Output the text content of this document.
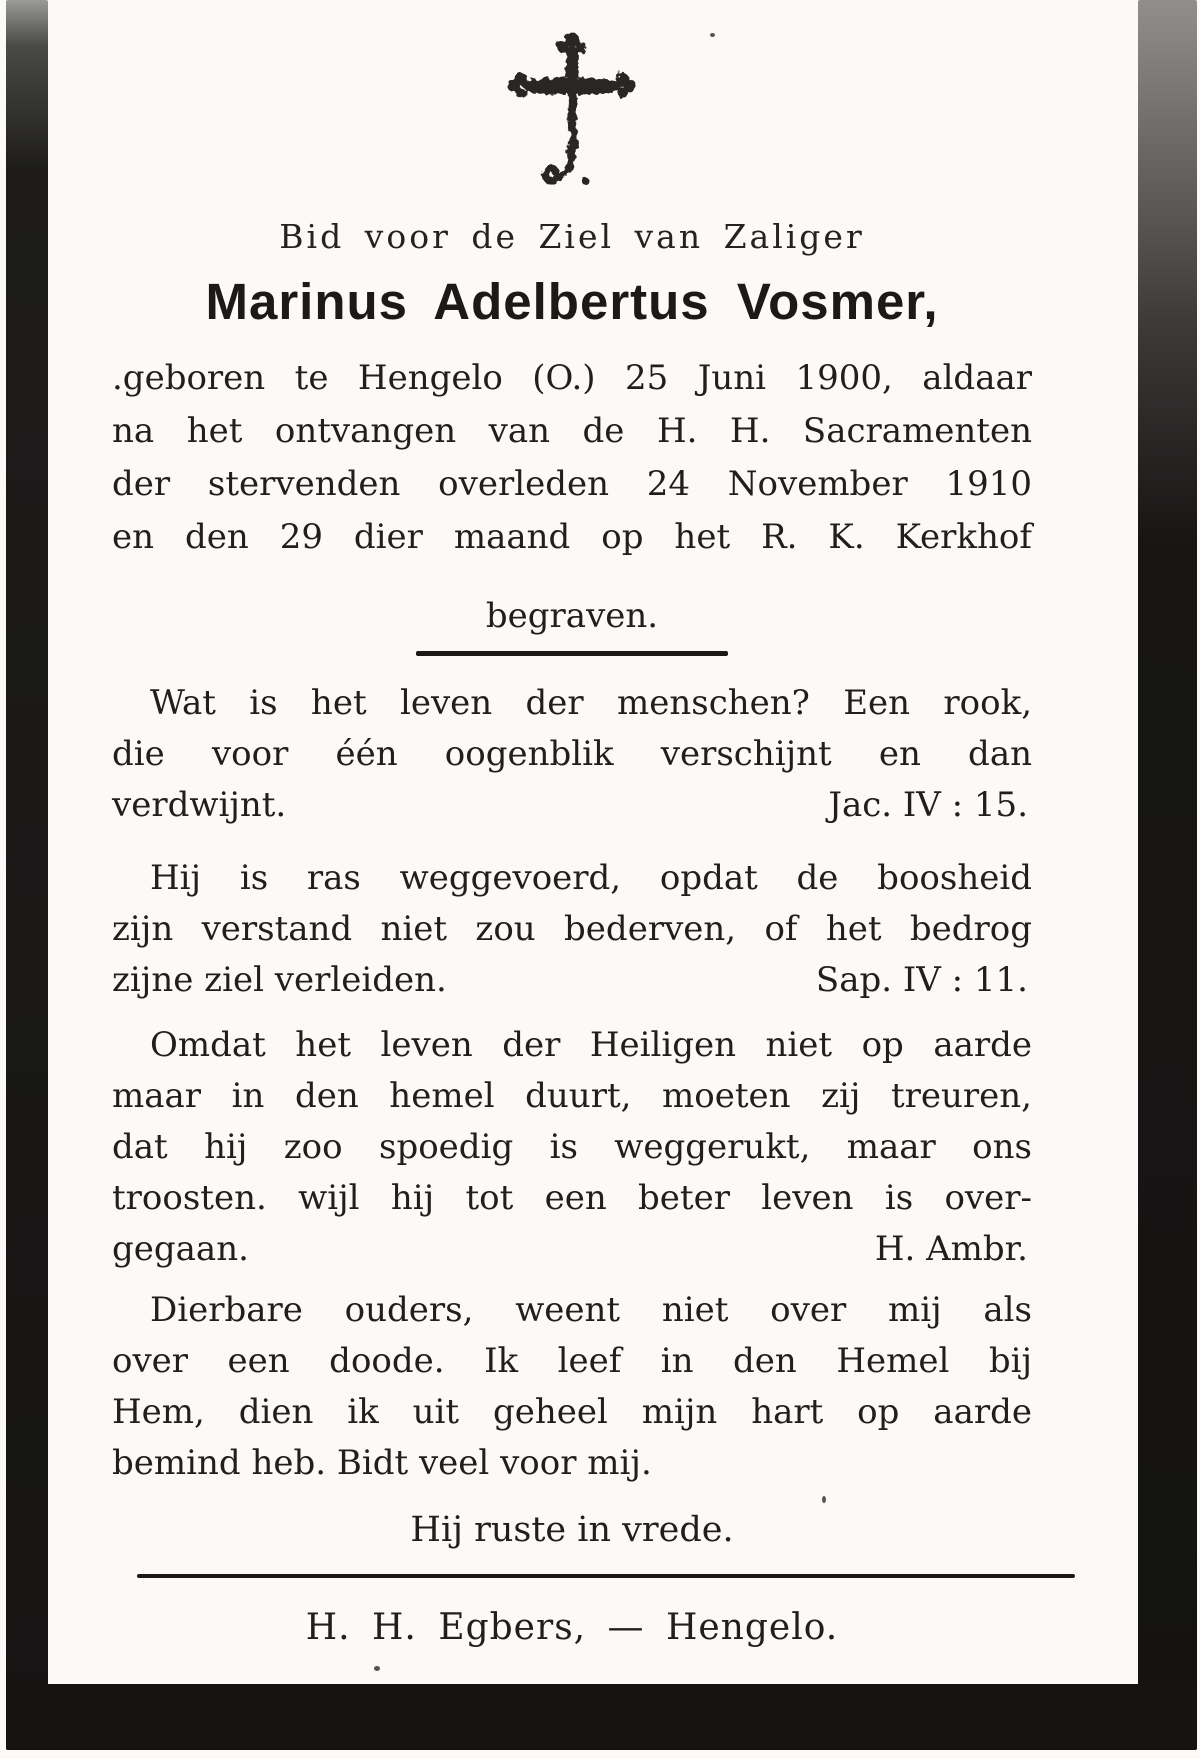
Bid voor de Ziel van Zaliger
Marinus Adelbertus Vosmer,
.geboren te Hengelo (O.) 25 Juni 1900, aldaar
na het ontvangen van de H. H. Sacramenten
der stervenden overleden 24 November 1910
en den 29 dier maand op het R. K. Kerkhof
begraven.
Wat is het leven der menschen? Een rook,
die voor één oogenblik verschijnt en dan
verdwijnt.	Jac. IV : 15.
Hij is ras weggevoerd, opdat de boosheid
zijn verstand niet zou bederven, of het bedrog
zijne ziel verleiden.	Sap. IV : 11.
Omdat het leven der Heiligen niet op aarde
maar in den hemel duurt, moeten zij treuren,
dat hij zoo spoedig is weggerukt, maar ons
troosten. wijl hij tot een beter leven is over-
gegaan.	H. Ambr.
Dierbare ouders, weent niet over mij als
over een doode. Ik leef in den Hemel bij
Hem, dien ik uit geheel mijn hart op aarde
bemind heb. Bidt veel voor mij.
Hij ruste in vrede.
H. H. Egbers, — Hengelo.
